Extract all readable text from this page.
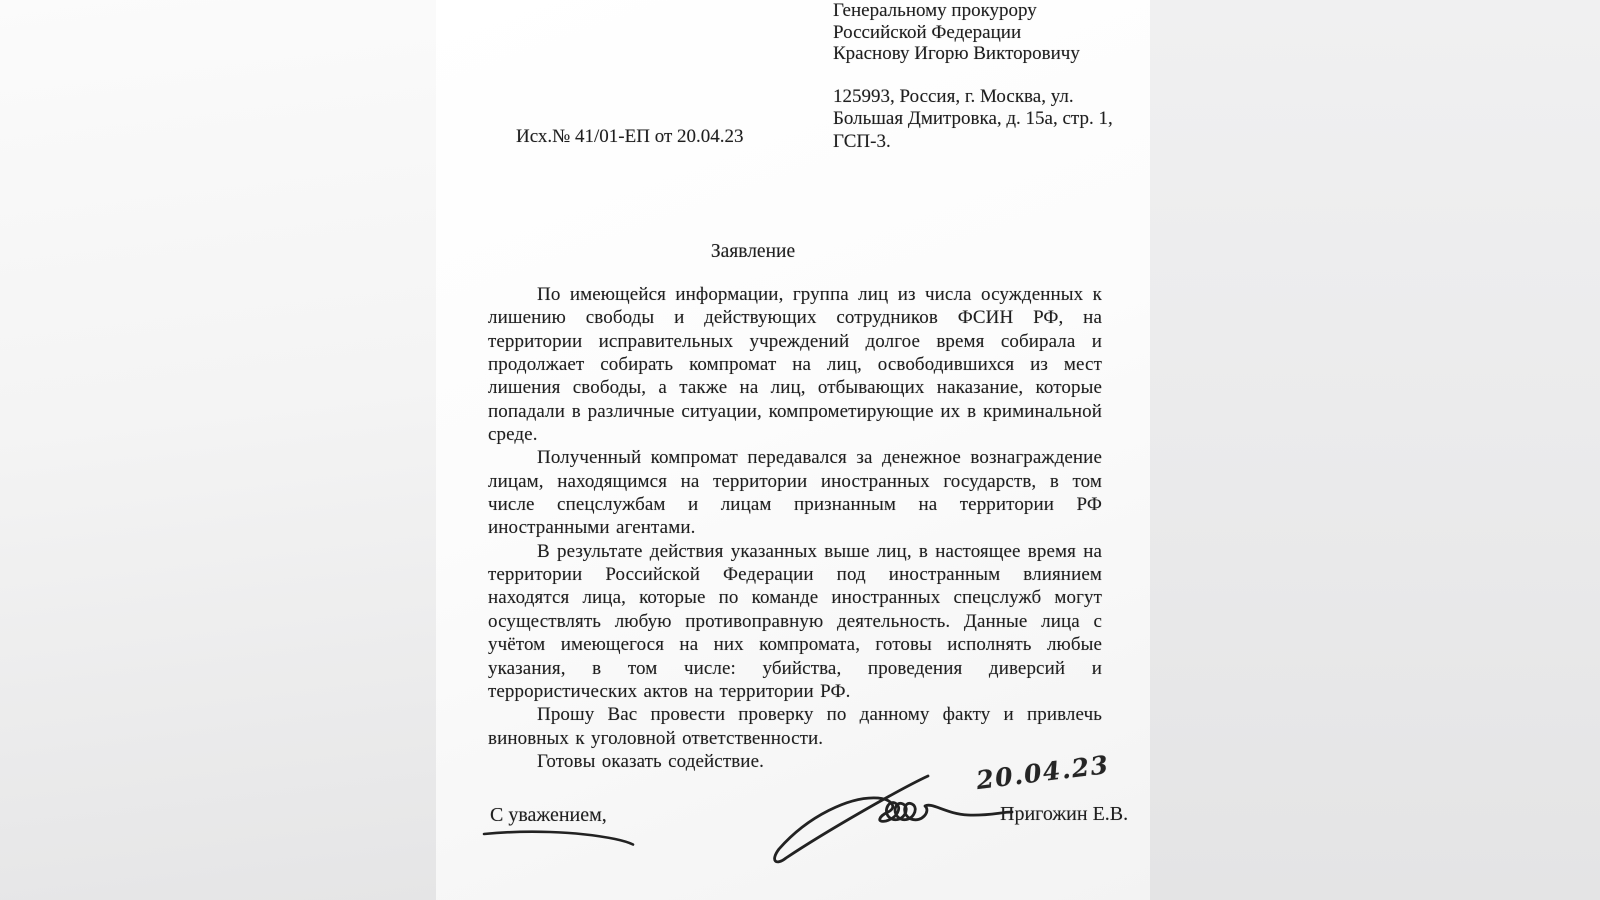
Генеральному прокурору
Российской Федерации
Краснову Игорю Викторовичу
125993, Россия, г. Москва, ул.
Большая Дмитровка, д. 15а, стр. 1,
ГСП-3.
Исх.№ 41/01-ЕП от 20.04.23
Заявление

По имеющейся информации, группа лиц из числа осужденных к лишению свободы и действующих сотрудников ФСИН РФ, на территории исправительных учреждений долгое время собирала и продолжает собирать компромат на лиц, освободившихся из мест лишения свободы, а также на лиц, отбывающих наказание, которые попадали в различные ситуации, компрометирующие их в криминальной среде.

Полученный компромат передавался за денежное вознаграждение лицам, находящимся на территории иностранных государств, в том числе спецслужбам и лицам признанным на территории РФ иностранными агентами.

В результате действия указанных выше лиц, в настоящее время на территории Российской Федерации под иностранным влиянием находятся лица, которые по команде иностранных спецслужб могут осуществлять любую противоправную деятельность. Данные лица с учётом имеющегося на них компромата, готовы исполнять любые указания, в том числе: убийства, проведения диверсий и террористических актов на территории РФ.

Прошу Вас провести проверку по данному факту и привлечь виновных к уголовной ответственности.

Готовы оказать содействие.

С уважением,
20.04.23
Пригожин Е.В.
